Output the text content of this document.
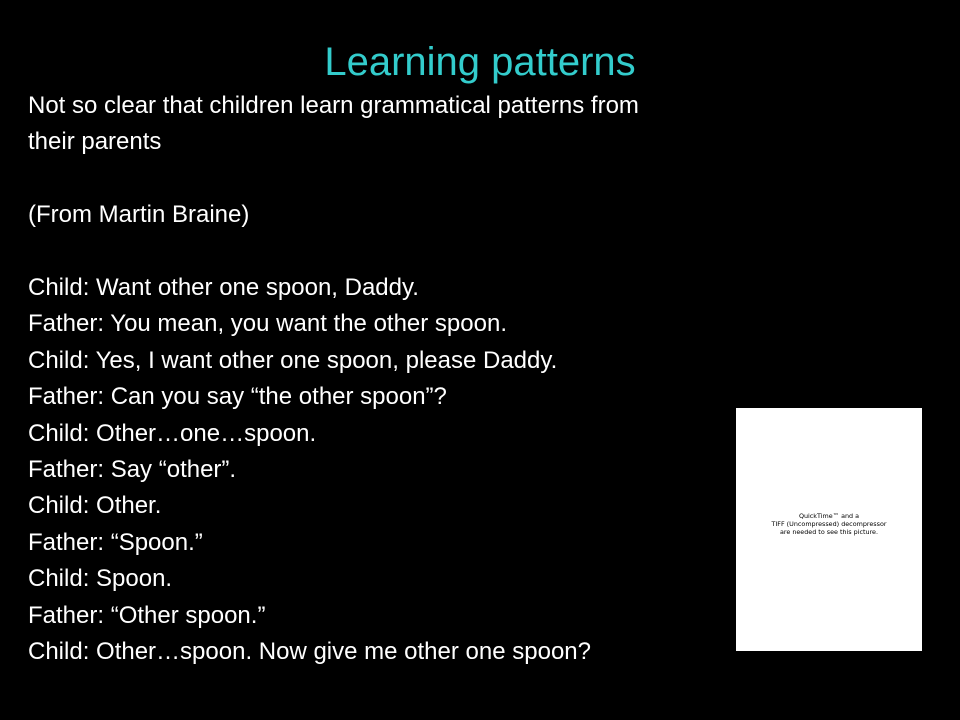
Learning patterns
Not so clear that children learn grammatical patterns from
their parents
(From Martin Braine)
Child: Want other one spoon, Daddy.
Father: You mean, you want the other spoon.
Child: Yes, I want other one spoon, please Daddy.
Father: Can you say “the other spoon”?
Child: Other…one…spoon.
Father: Say “other”.
Child: Other.
Father: “Spoon.”
Child: Spoon.
Father: “Other spoon.”
Child: Other…spoon. Now give me other one spoon?
QuickTime™ and a
TIFF (Uncompressed) decompressor
are needed to see this picture.
